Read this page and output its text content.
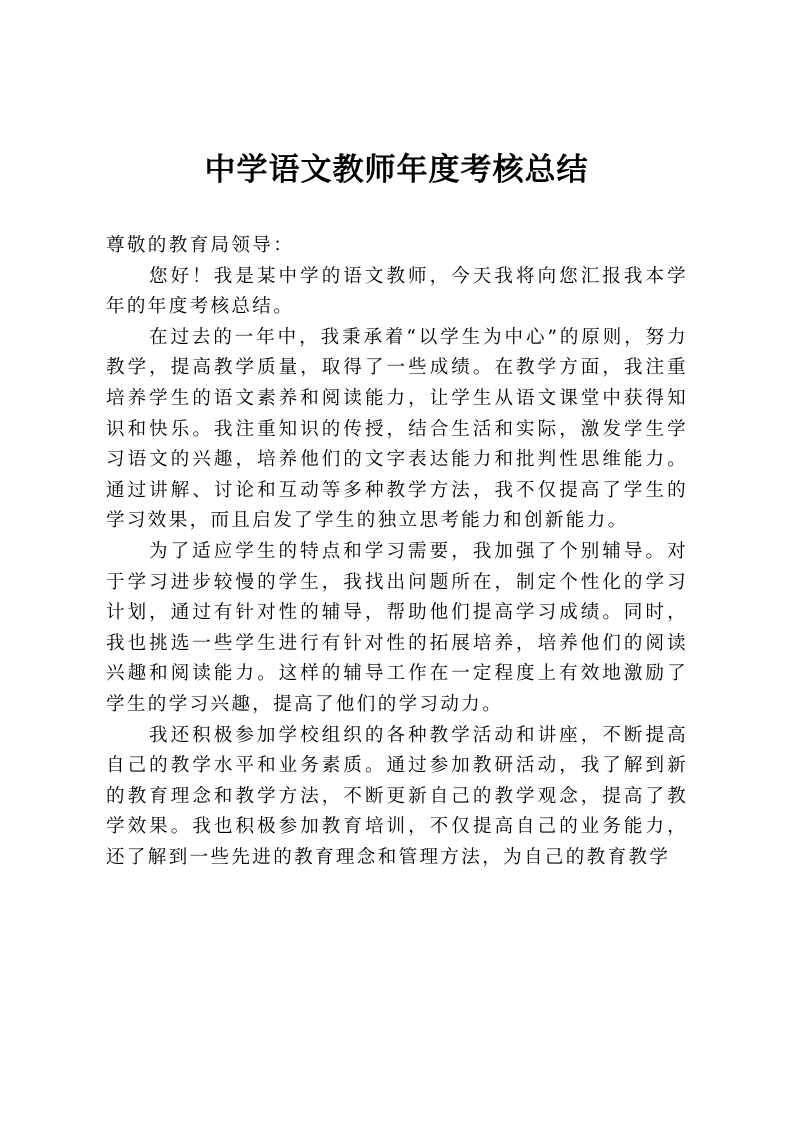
中学语文教师年度考核总结

尊敬的教育局领导：

您好！我是某中学的语文教师，今天我将向您汇报我本学年的年度考核总结。

在过去的一年中，我秉承着“以学生为中心”的原则，努力教学，提高教学质量，取得了一些成绩。在教学方面，我注重培养学生的语文素养和阅读能力，让学生从语文课堂中获得知识和快乐。我注重知识的传授，结合生活和实际，激发学生学习语文的兴趣，培养他们的文字表达能力和批判性思维能力。通过讲解、讨论和互动等多种教学方法，我不仅提高了学生的学习效果，而且启发了学生的独立思考能力和创新能力。

为了适应学生的特点和学习需要，我加强了个别辅导。对于学习进步较慢的学生，我找出问题所在，制定个性化的学习计划，通过有针对性的辅导，帮助他们提高学习成绩。同时，我也挑选一些学生进行有针对性的拓展培养，培养他们的阅读兴趣和阅读能力。这样的辅导工作在一定程度上有效地激励了学生的学习兴趣，提高了他们的学习动力。

我还积极参加学校组织的各种教学活动和讲座，不断提高自己的教学水平和业务素质。通过参加教研活动，我了解到新的教育理念和教学方法，不断更新自己的教学观念，提高了教学效果。我也积极参加教育培训，不仅提高自己的业务能力，还了解到一些先进的教育理念和管理方法，为自己的教育教学
